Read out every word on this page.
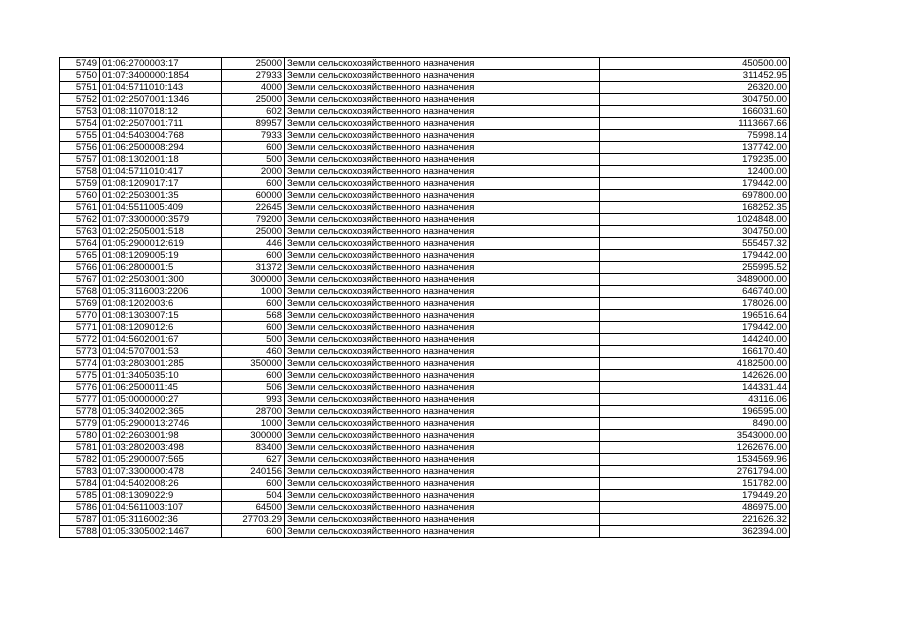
5749	01:06:2700003:17	25000	Земли сельскохозяйственного назначения	450500.00
5750	01:07:3400000:1854	27933	Земли сельскохозяйственного назначения	311452.95
5751	01:04:5711010:143	4000	Земли сельскохозяйственного назначения	26320.00
5752	01:02:2507001:1346	25000	Земли сельскохозяйственного назначения	304750.00
5753	01:08:1107018:12	602	Земли сельскохозяйственного назначения	166031.60
5754	01:02:2507001:711	89957	Земли сельскохозяйственного назначения	1113667.66
5755	01:04:5403004:768	7933	Земли сельскохозяйственного назначения	75998.14
5756	01:06:2500008:294	600	Земли сельскохозяйственного назначения	137742.00
5757	01:08:1302001:18	500	Земли сельскохозяйственного назначения	179235.00
5758	01:04:5711010:417	2000	Земли сельскохозяйственного назначения	12400.00
5759	01:08:1209017:17	600	Земли сельскохозяйственного назначения	179442.00
5760	01:02:2503001:35	60000	Земли сельскохозяйственного назначения	697800.00
5761	01:04:5511005:409	22645	Земли сельскохозяйственного назначения	168252.35
5762	01:07:3300000:3579	79200	Земли сельскохозяйственного назначения	1024848.00
5763	01:02:2505001:518	25000	Земли сельскохозяйственного назначения	304750.00
5764	01:05:2900012:619	446	Земли сельскохозяйственного назначения	555457.32
5765	01:08:1209005:19	600	Земли сельскохозяйственного назначения	179442.00
5766	01:06:2800001:5	31372	Земли сельскохозяйственного назначения	255995.52
5767	01:02:2503001:300	300000	Земли сельскохозяйственного назначения	3489000.00
5768	01:05:3116003:2206	1000	Земли сельскохозяйственного назначения	646740.00
5769	01:08:1202003:6	600	Земли сельскохозяйственного назначения	178026.00
5770	01:08:1303007:15	568	Земли сельскохозяйственного назначения	196516.64
5771	01:08:1209012:6	600	Земли сельскохозяйственного назначения	179442.00
5772	01:04:5602001:67	500	Земли сельскохозяйственного назначения	144240.00
5773	01:04:5707001:53	460	Земли сельскохозяйственного назначения	166170.40
5774	01:03:2803001:285	350000	Земли сельскохозяйственного назначения	4182500.00
5775	01:01:3405035:10	600	Земли сельскохозяйственного назначения	142626.00
5776	01:06:2500011:45	506	Земли сельскохозяйственного назначения	144331.44
5777	01:05:0000000:27	993	Земли сельскохозяйственного назначения	43116.06
5778	01:05:3402002:365	28700	Земли сельскохозяйственного назначения	196595.00
5779	01:05:2900013:2746	1000	Земли сельскохозяйственного назначения	8490.00
5780	01:02:2603001:98	300000	Земли сельскохозяйственного назначения	3543000.00
5781	01:03:2802003:498	83400	Земли сельскохозяйственного назначения	1262676.00
5782	01:05:2900007:565	627	Земли сельскохозяйственного назначения	1534569.96
5783	01:07:3300000:478	240156	Земли сельскохозяйственного назначения	2761794.00
5784	01:04:5402008:26	600	Земли сельскохозяйственного назначения	151782.00
5785	01:08:1309022:9	504	Земли сельскохозяйственного назначения	179449.20
5786	01:04:5611003:107	64500	Земли сельскохозяйственного назначения	486975.00
5787	01:05:3116002:36	27703.29	Земли сельскохозяйственного назначения	221626.32
5788	01:05:3305002:1467	600	Земли сельскохозяйственного назначения	362394.00
